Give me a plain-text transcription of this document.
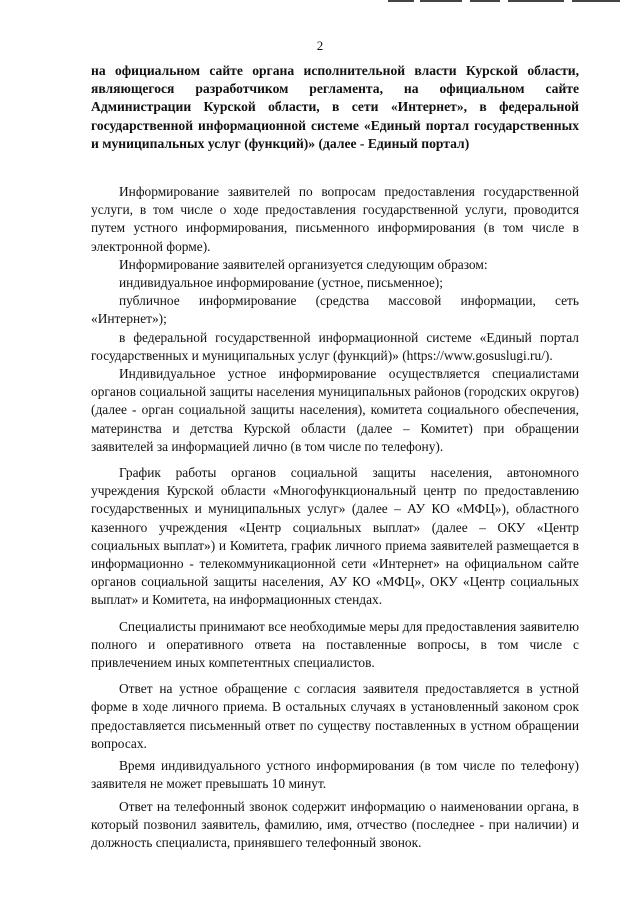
2
на официальном сайте органа исполнительной власти Курской области, являющегося разработчиком регламента, на официальном сайте Администрации Курской области, в сети «Интернет», в федеральной государственной информационной системе «Единый портал государственных и муниципальных услуг (функций)» (далее - Единый портал)

Информирование заявителей по вопросам предоставления государственной услуги, в том числе о ходе предоставления государственной услуги, проводится путем устного информирования, письменного информирования (в том числе в электронной форме).

Информирование заявителей организуется следующим образом:

индивидуальное информирование (устное, письменное);

публичное информирование (средства массовой информации, сеть «Интернет»);

в федеральной государственной информационной системе «Единый портал государственных и муниципальных услуг (функций)» (https://www.gosuslugi.ru/).

Индивидуальное устное информирование осуществляется специалистами органов социальной защиты населения муниципальных районов (городских округов) (далее - орган социальной защиты населения), комитета социального обеспечения, материнства и детства Курской области (далее – Комитет) при обращении заявителей за информацией лично (в том числе по телефону).

График работы органов социальной защиты населения, автономного учреждения Курской области «Многофункциональный центр по предоставлению государственных и муниципальных услуг» (далее – АУ КО «МФЦ»), областного казенного учреждения «Центр социальных выплат» (далее – ОКУ «Центр социальных выплат») и Комитета, график личного приема заявителей размещается в информационно - телекоммуникационной сети «Интернет» на официальном сайте органов социальной защиты населения, АУ КО «МФЦ», ОКУ «Центр социальных выплат» и Комитета, на информационных стендах.

Специалисты принимают все необходимые меры для предоставления заявителю полного и оперативного ответа на поставленные вопросы, в том числе с привлечением иных компетентных специалистов.

Ответ на устное обращение с согласия заявителя предоставляется в устной форме в ходе личного приема. В остальных случаях в установленный законом срок предоставляется письменный ответ по существу поставленных в устном обращении вопросах.

Время индивидуального устного информирования (в том числе по телефону) заявителя не может превышать 10 минут.

Ответ на телефонный звонок содержит информацию о наименовании органа, в который позвонил заявитель, фамилию, имя, отчество (последнее - при наличии) и должность специалиста, принявшего телефонный звонок.
